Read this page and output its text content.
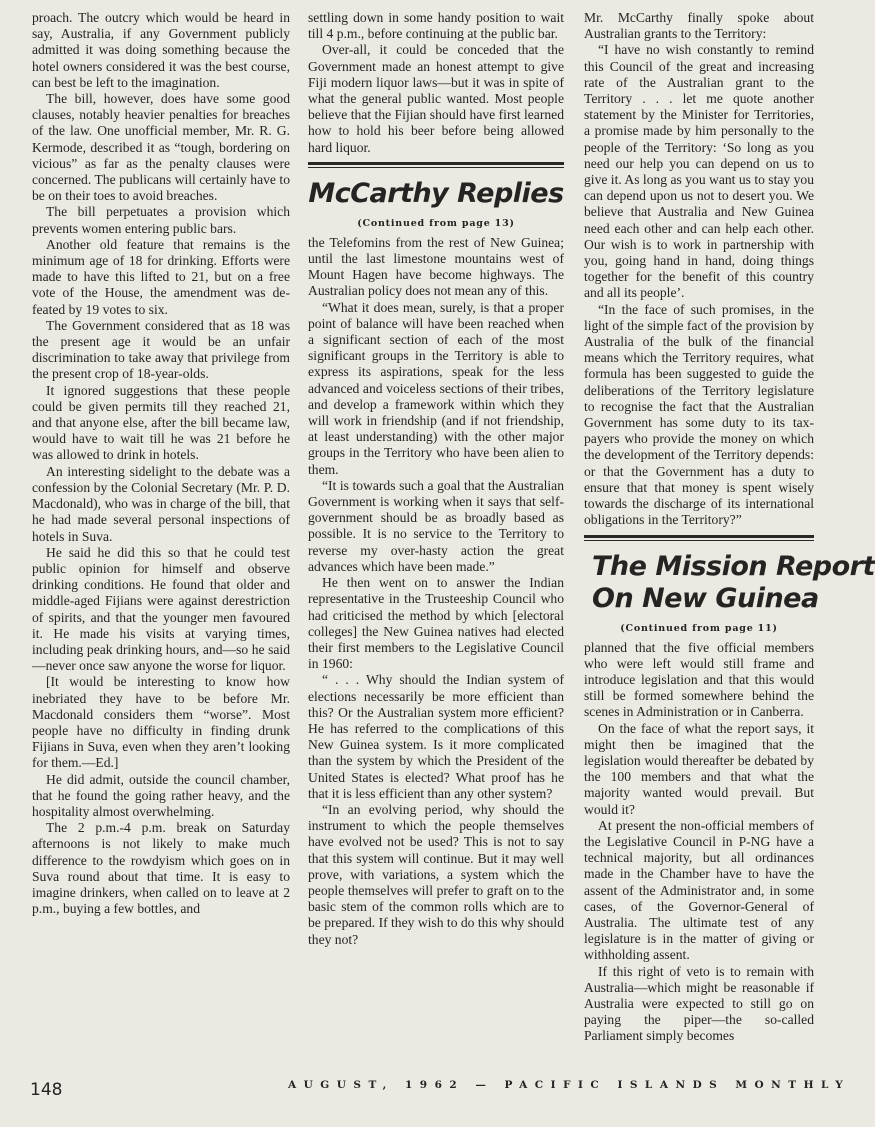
proach. The outcry which would be heard in say, Australia, if any Government publicly admitted it was doing something because the hotel owners considered it was the best course, can best be left to the imagination.

The bill, however, does have some good clauses, notably heavier penalties for breaches of the law. One unofficial member, Mr. R. G. Kermode, described it as “tough, bordering on vicious” as far as the penalty clauses were concerned. The publicans will certainly have to be on their toes to avoid breaches.

The bill perpetuates a provision which prevents women entering public bars.

Another old feature that remains is the minimum age of 18 for drinking. Efforts were made to have this lifted to 21, but on a free vote of the House, the amendment was defeated by 19 votes to six.

The Government considered that as 18 was the present age it would be an unfair discrimination to take away that privilege from the present crop of 18-year-olds.

It ignored suggestions that these people could be given permits till they reached 21, and that anyone else, after the bill became law, would have to wait till he was 21 before he was allowed to drink in hotels.

An interesting sidelight to the debate was a confession by the Colonial Secretary (Mr. P. D. Macdonald), who was in charge of the bill, that he had made several personal inspections of hotels in Suva.

He said he did this so that he could test public opinion for himself and observe drinking conditions. He found that older and middle-aged Fijians were against derestriction of spirits, and that the younger men favoured it. He made his visits at varying times, including peak drinking hours, and—so he said—never once saw anyone the worse for liquor.

[It would be interesting to know how inebriated they have to be before Mr. Macdonald considers them “worse”. Most people have no difficulty in finding drunk Fijians in Suva, even when they aren’t looking for them.—Ed.]

He did admit, outside the council chamber, that he found the going rather heavy, and the hospitality almost overwhelming.

The 2 p.m.-4 p.m. break on Saturday afternoons is not likely to make much difference to the rowdyism which goes on in Suva round about that time. It is easy to imagine drinkers, when called on to leave at 2 p.m., buying a few bottles, and

settling down in some handy position to wait till 4 p.m., before continuing at the public bar.

Over-all, it could be conceded that the Government made an honest attempt to give Fiji modern liquor laws—but it was in spite of what the general public wanted. Most people believe that the Fijian should have first learned how to hold his beer before being allowed hard liquor.

McCarthy Replies
(Continued from page 13)

the Telefomins from the rest of New Guinea; until the last limestone mountains west of Mount Hagen have become highways. The Australian policy does not mean any of this.

“What it does mean, surely, is that a proper point of balance will have been reached when a significant section of each of the most significant groups in the Territory is able to express its aspirations, speak for the less advanced and voiceless sections of their tribes, and develop a framework within which they will work in friendship (and if not friendship, at least understanding) with the other major groups in the Territory who have been alien to them.

“It is towards such a goal that the Australian Government is working when it says that self-government should be as broadly based as possible. It is no service to the Territory to reverse my over-hasty action the great advances which have been made.”

He then went on to answer the Indian representative in the Trusteeship Council who had criticised the method by which [electoral colleges] the New Guinea natives had elected their first members to the Legislative Council in 1960:

“ . . . Why should the Indian system of elections necessarily be more efficient than this? Or the Australian system more efficient? He has referred to the complications of this New Guinea system. Is it more complicated than the system by which the President of the United States is elected? What proof has he that it is less efficient than any other system?

“In an evolving period, why should the instrument to which the people themselves have evolved not be used? This is not to say that this system will continue. But it may well prove, with variations, a system which the people themselves will prefer to graft on to the basic stem of the common rolls which are to be prepared. If they wish to do this why should they not?

Mr. McCarthy finally spoke about Australian grants to the Territory:

“I have no wish constantly to remind this Council of the great and increasing rate of the Australian grant to the Territory . . . let me quote another statement by the Minister for Territories, a promise made by him personally to the people of the Territory: ‘So long as you need our help you can depend on us to give it. As long as you want us to stay you can depend upon us not to desert you. We believe that Australia and New Guinea need each other and can help each other. Our wish is to work in partnership with you, going hand in hand, doing things together for the benefit of this country and all its people’.

“In the face of such promises, in the light of the simple fact of the provision by Australia of the bulk of the financial means which the Territory requires, what formula has been suggested to guide the deliberations of the Territory legislature to recognise the fact that the Australian Government has some duty to its taxpayers who provide the money on which the development of the Territory depends: or that the Government has a duty to ensure that that money is spent wisely towards the discharge of its international obligations in the Territory?”

The Mission Report
On New Guinea
(Continued from page 11)

planned that the five official members who were left would still frame and introduce legislation and that this would still be formed somewhere behind the scenes in Administration or in Canberra.

On the face of what the report says, it might then be imagined that the legislation would thereafter be debated by the 100 members and that what the majority wanted would prevail. But would it?

At present the non-official members of the Legislative Council in P-NG have a technical majority, but all ordinances made in the Chamber have to have the assent of the Administrator and, in some cases, of the Governor-General of Australia. The ultimate test of any legislature is in the matter of giving or withholding assent.

If this right of veto is to remain with Australia—which might be reasonable if Australia were expected to still go on paying the piper—the so-called Parliament simply becomes

148	AUGUST, 1962 — PACIFIC ISLANDS MONTHLY
